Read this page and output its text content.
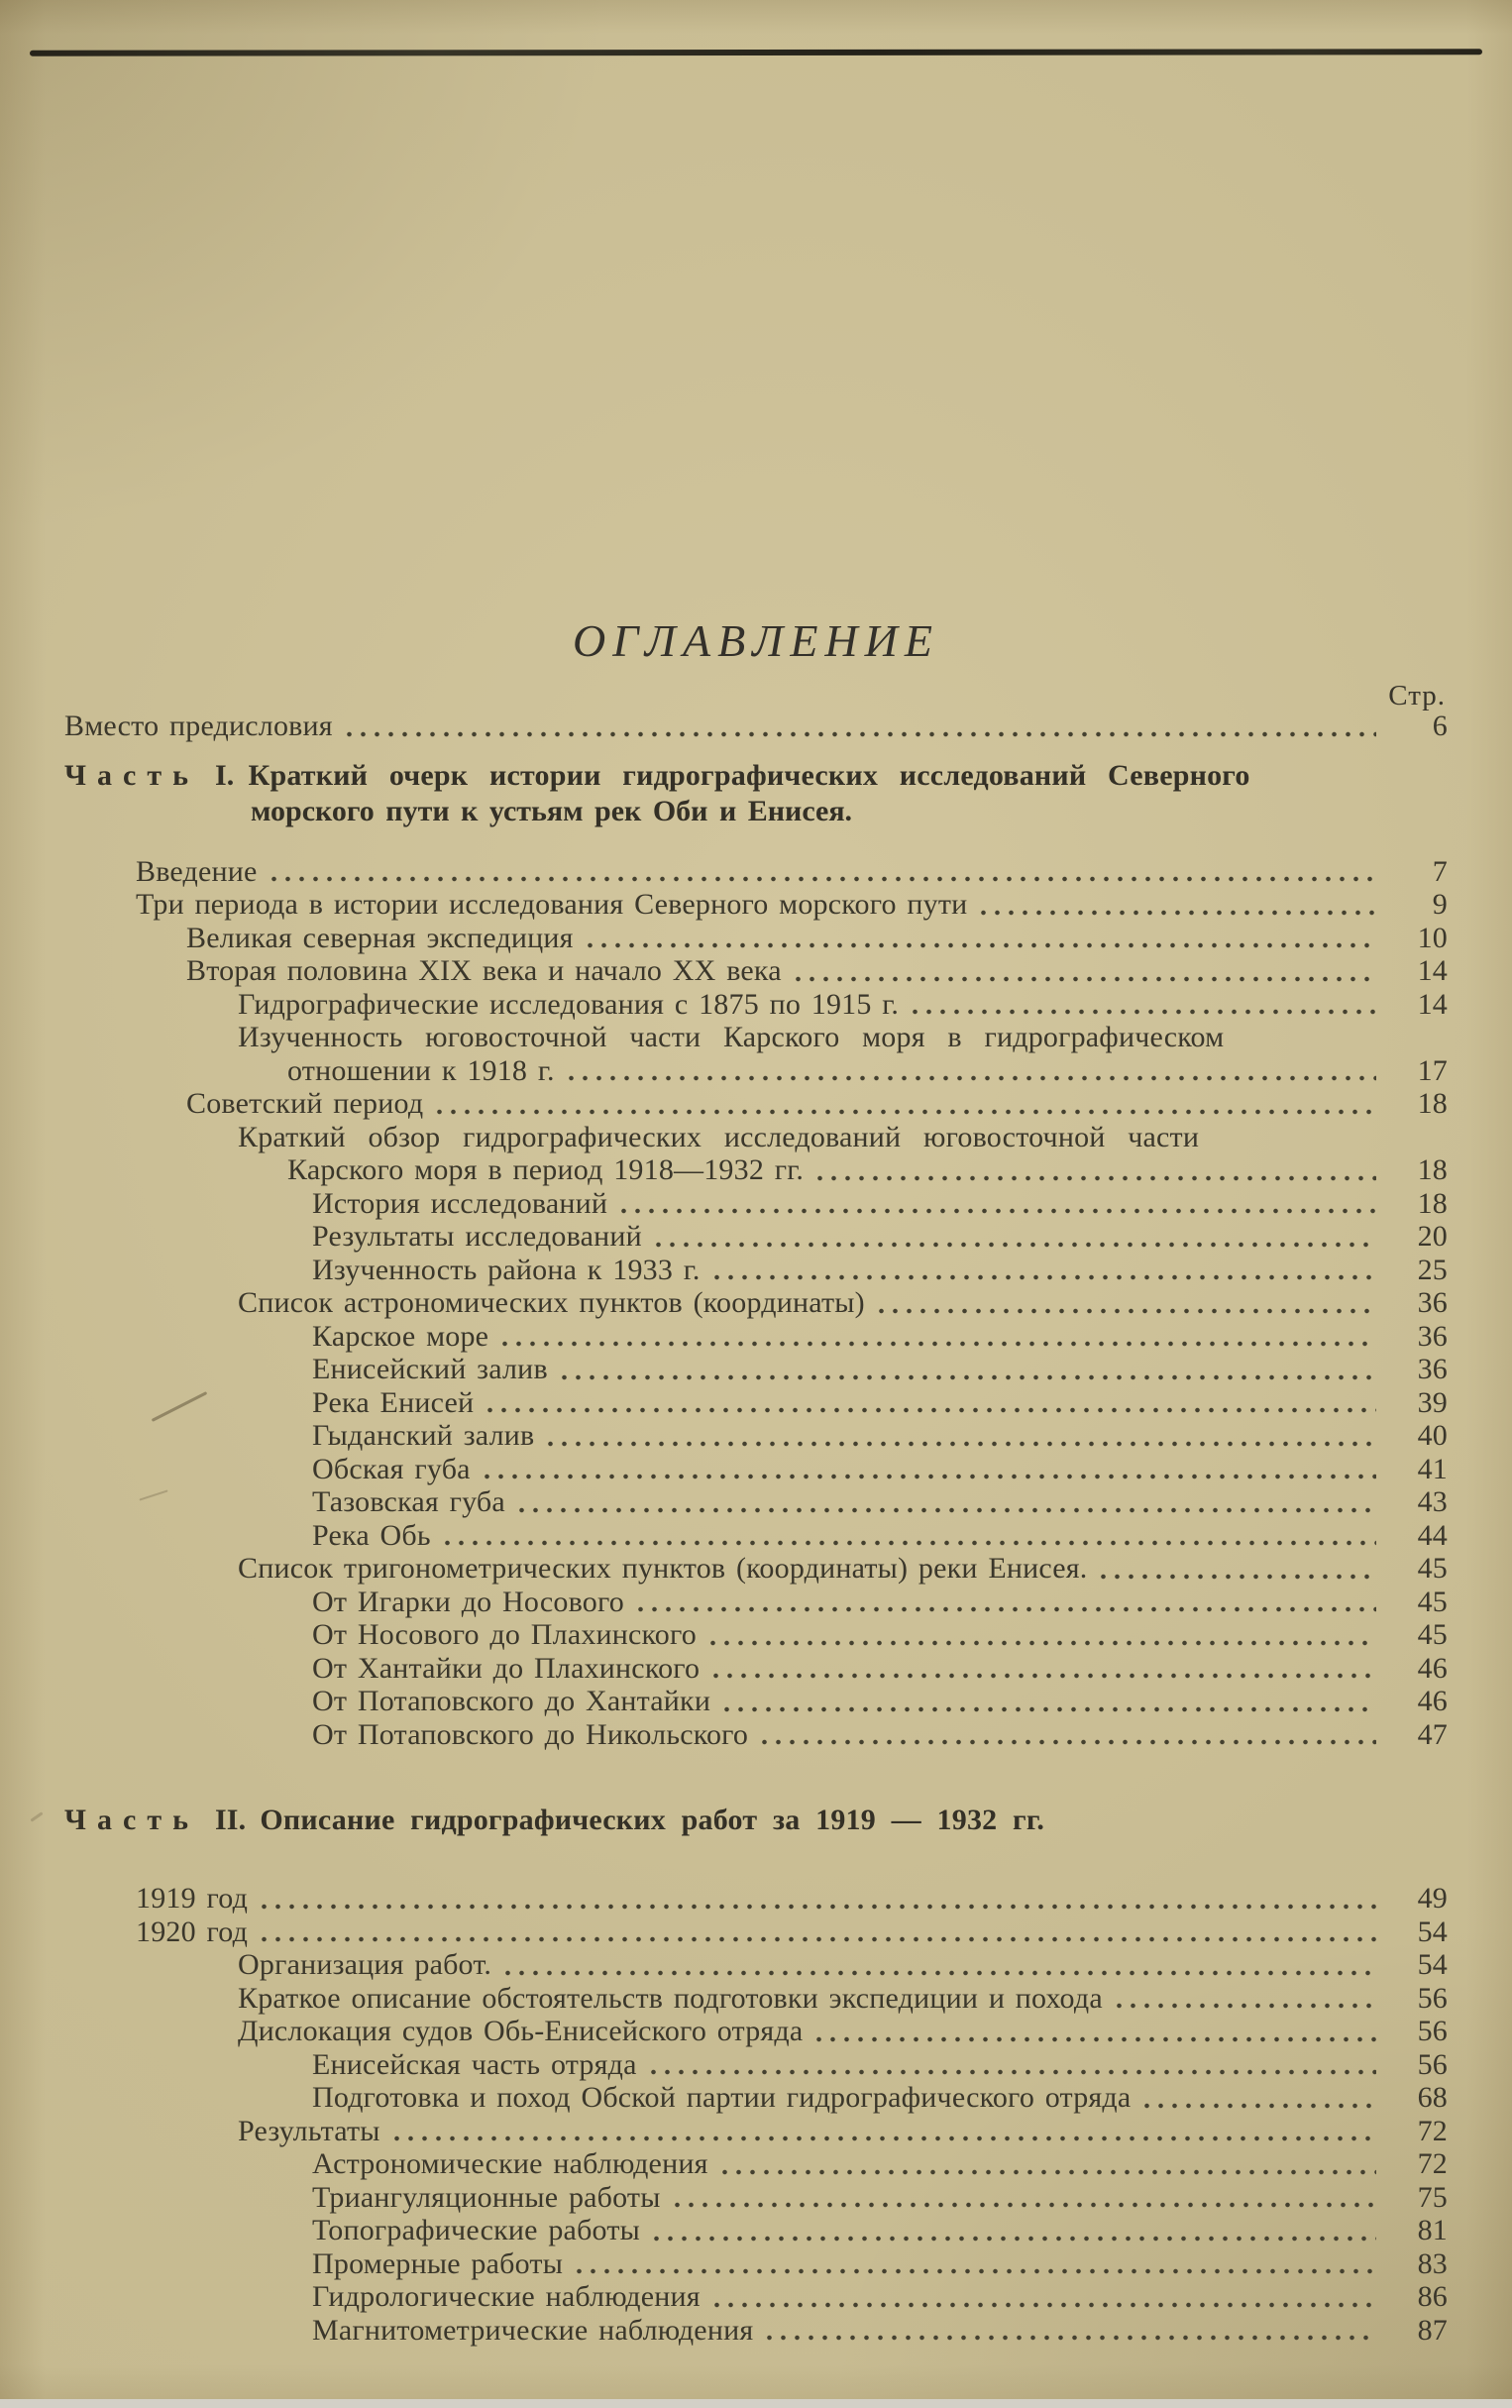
ОГЛАВЛЕНИЕ
Стр.
Вместо предисловия	6
Часть I. Краткий очерк истории гидрографических исследований Северного
морского пути к устьям рек Оби и Енисея.
Введение	7
Три периода в истории исследования Северного морского пути	9
Великая северная экспедиция	10
Вторая половина XIX века и начало XX века	14
Гидрографические исследования с 1875 по 1915 г.	14
Изученность юговосточной части Карского моря в гидрографическом
отношении к 1918 г.	17
Советский период	18
Краткий обзор гидрографических исследований юговосточной части
Карского моря в период 1918—1932 гг.	18
История исследований	18
Результаты исследований	20
Изученность района к 1933 г.	25
Список астрономических пунктов (координаты)	36
Карское море	36
Енисейский залив	36
Река Енисей	39
Гыданский залив	40
Обская губа	41
Тазовская губа	43
Река Обь	44
Список тригонометрических пунктов (координаты) реки Енисея.	45
От Игарки до Носового	45
От Носового до Плахинского	45
От Хантайки до Плахинского	46
От Потаповского до Хантайки	46
От Потаповского до Никольского	47
Часть II. Описание гидрографических работ за 1919 — 1932 гг.
1919 год	49
1920 год	54
Организация работ.	54
Краткое описание обстоятельств подготовки экспедиции и похода	56
Дислокация судов Обь-Енисейского отряда	56
Енисейская часть отряда	56
Подготовка и поход Обской партии гидрографического отряда	68
Результаты	72
Астрономические наблюдения	72
Триангуляционные работы	75
Топографические работы	81
Промерные работы	83
Гидрологические наблюдения	86
Магнитометрические наблюдения	87
